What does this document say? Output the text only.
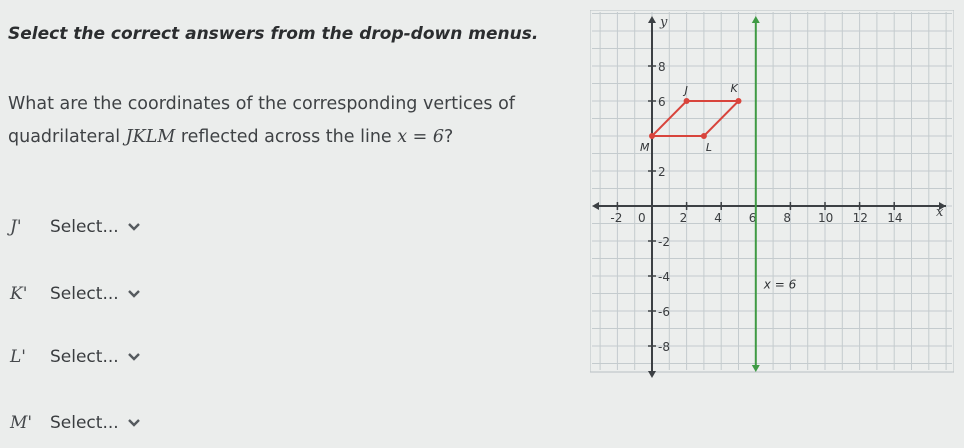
Select the correct answers from the drop-down menus.
What are the coordinates of the corresponding vertices of
quadrilateral JKLM reflected across the line x = 6?
J'	Select...
K'	Select...
L'	Select...
M'	Select...
x
y
-2 0	2 4 6 8 10 12 14
8
6
2
-2
-4
-6
-8
x = 6
J	K
L
M
